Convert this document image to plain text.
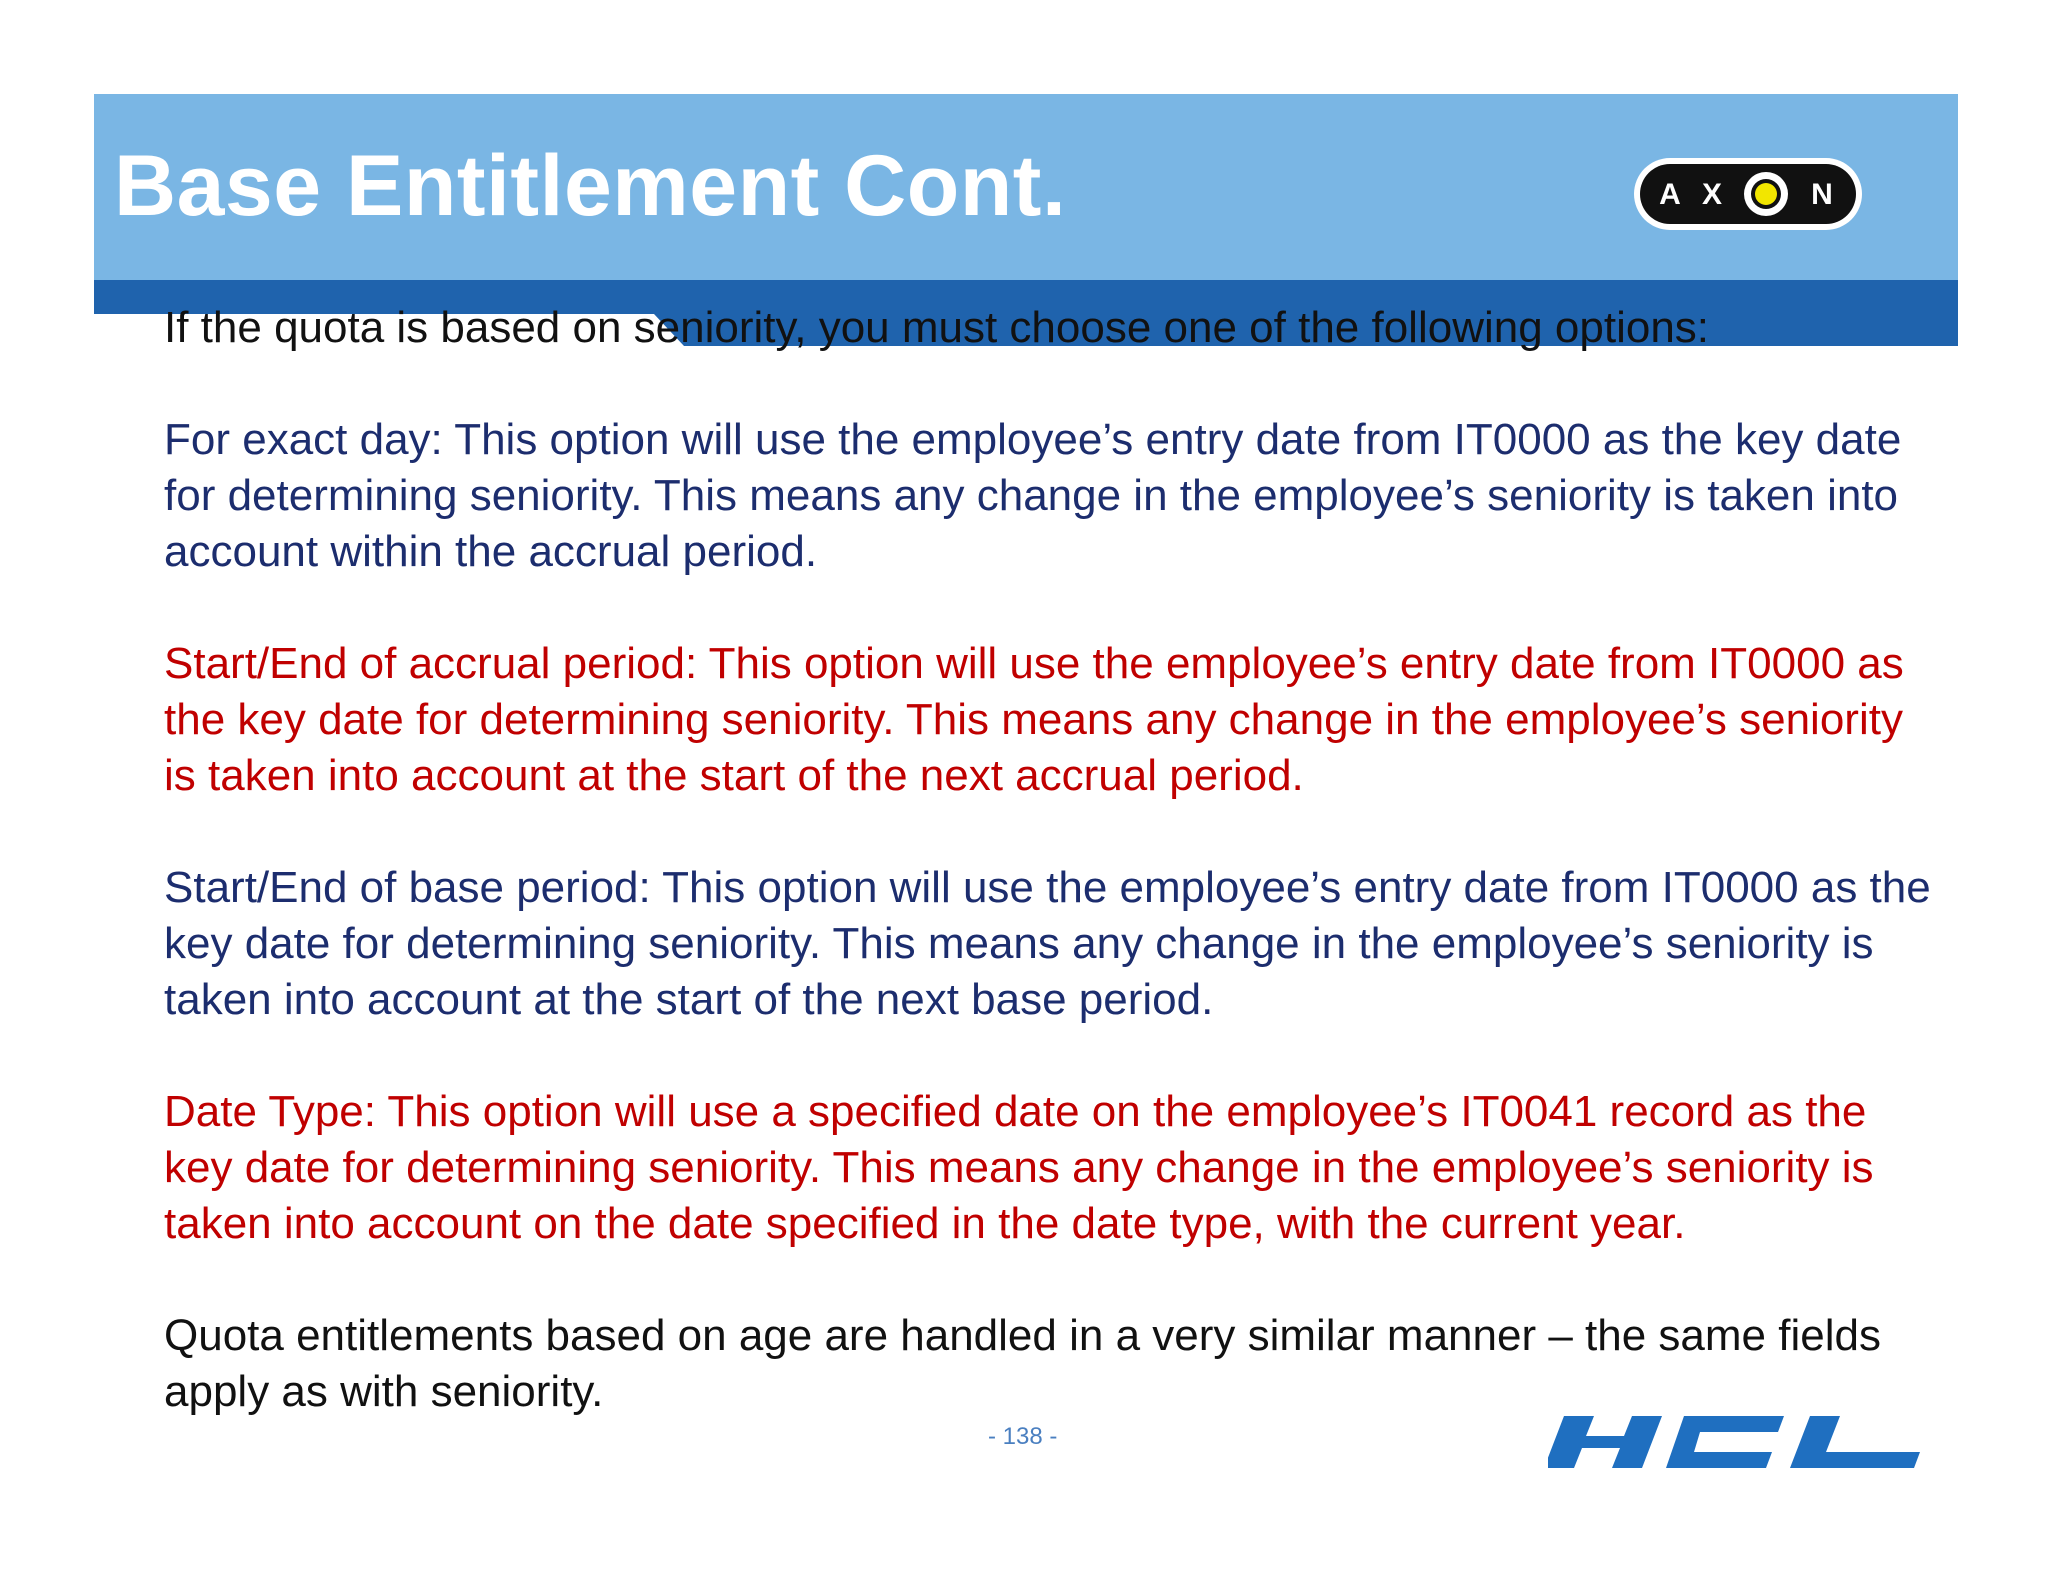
Base Entitlement Cont.	A X	N

If the quota is based on seniority, you must choose one of the following options:

For exact day: This option will use the employee’s entry date from IT0000 as the key date for determining seniority. This means any change in the employee’s seniority is taken into account within the accrual period.

Start/End of accrual period: This option will use the employee’s entry date from IT0000 as the key date for determining seniority. This means any change in the employee’s seniority is taken into account at the start of the next accrual period.

Start/End of base period: This option will use the employee’s entry date from IT0000 as the key date for determining seniority. This means any change in the employee’s seniority is taken into account at the start of the next base period.

Date Type: This option will use a specified date on the employee’s IT0041 record as the key date for determining seniority. This means any change in the employee’s seniority is taken into account on the date specified in the date type, with the current year.

Quota entitlements based on age are handled in a very similar manner – the same fields apply as with seniority.

- 138 -
